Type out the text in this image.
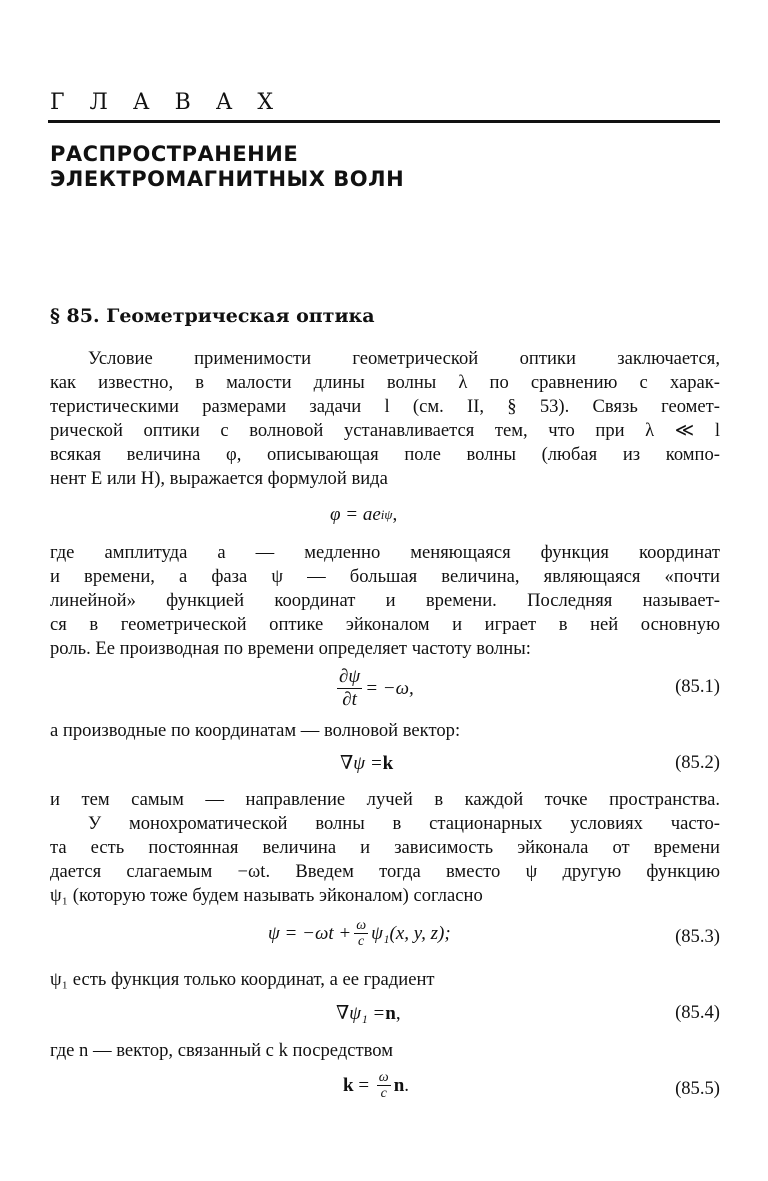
Г Л А В А X
РАСПРОСТРАНЕНИЕ
ЭЛЕКТРОМАГНИТНЫХ ВОЛН
§ 85. Геометрическая оптика
Условие применимости геометрической оптики заключается,
как известно, в малости длины волны λ по сравнению с харак-
теристическими размерами задачи l (см. II, § 53). Связь геомет-
рической оптики с волновой устанавливается тем, что при λ ≪ l
всякая величина φ, описывающая поле волны (любая из компо-
нент E или H), выражается формулой вида
φ = ae iψ ,
где амплитуда a — медленно меняющаяся функция координат
и времени, а фаза ψ — большая величина, являющаяся «почти
линейной» функцией координат и времени. Последняя называет-
ся в геометрической оптике эйконалом и играет в ней основную
роль. Ее производная по времени определяет частоту волны:
$\frac{\partial\psi}{\partial t} = -\omega$,	(85.1)
а производные по координатам — волновой вектор:
∇ψ = k	(85.2)
и тем самым — направление лучей в каждой точке пространства.
У монохроматической волны в стационарных условиях часто-
та есть постоянная величина и зависимость эйконала от времени
дается слагаемым −ωt. Введем тогда вместо ψ другую функцию
ψ₁ (которую тоже будем называть эйконалом) согласно
$\psi = -\omega t + \frac{\omega}{c} \psi_1(x$, y, z);	(85.3)
ψ₁ есть функция только координат, а ее градиент
∇ψ₁ = n ,	(85.4)
где n — вектор, связанный с k посредством
$k = \frac{\omega}{c}$ n .	(85.5)
